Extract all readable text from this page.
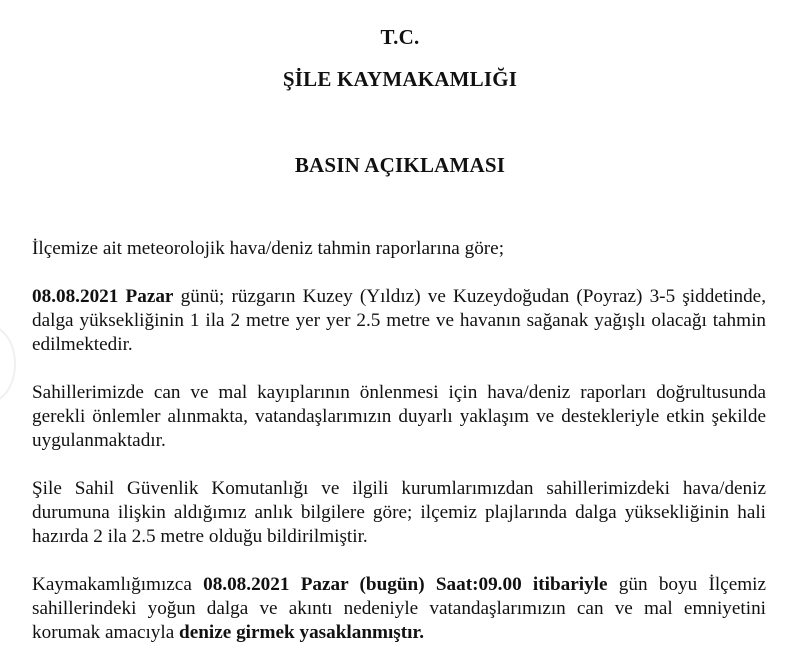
T.C.
ŞİLE KAYMAKAMLIĞI
BASIN AÇIKLAMASI

İlçemize ait meteorolojik hava/deniz tahmin raporlarına göre;

08.08.2021 Pazar günü; rüzgarın Kuzey (Yıldız) ve Kuzeydoğudan (Poyraz) 3-5 şiddetinde, dalga yüksekliğinin 1 ila 2 metre yer yer 2.5 metre ve havanın sağanak yağışlı olacağı tahmin edilmektedir.

Sahillerimizde can ve mal kayıplarının önlenmesi için hava/deniz raporları doğrultusunda gerekli önlemler alınmakta, vatandaşlarımızın duyarlı yaklaşım ve destekleriyle etkin şekilde uygulanmaktadır.

Şile Sahil Güvenlik Komutanlığı ve ilgili kurumlarımızdan sahillerimizdeki hava/deniz durumuna ilişkin aldığımız anlık bilgilere göre; ilçemiz plajlarında dalga yüksekliğinin hali hazırda 2 ila 2.5 metre olduğu bildirilmiştir.

Kaymakamlığımızca 08.08.2021 Pazar (bugün) Saat:09.00 itibariyle gün boyu İlçemiz sahillerindeki yoğun dalga ve akıntı nedeniyle vatandaşlarımızın can ve mal emniyetini korumak amacıyla denize girmek yasaklanmıştır.
